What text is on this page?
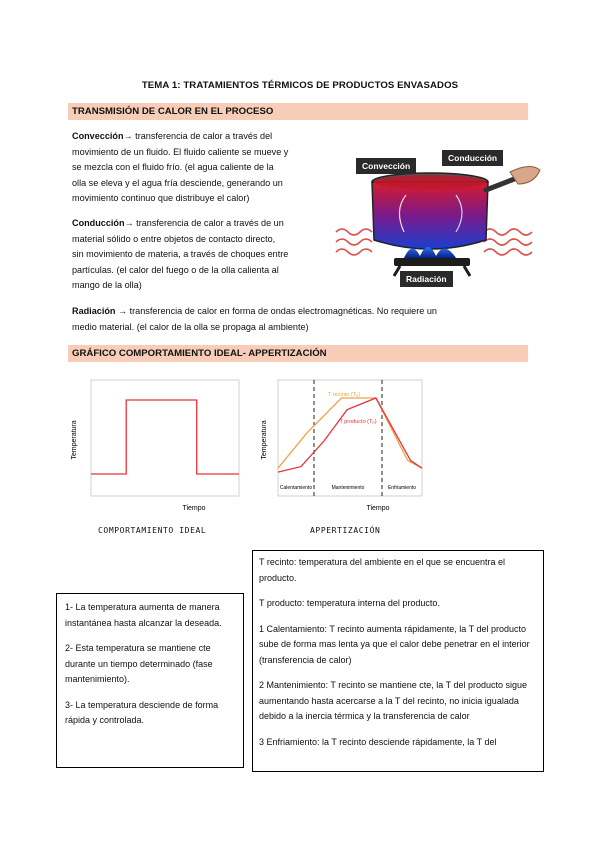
TEMA 1: TRATAMIENTOS TÉRMICOS DE PRODUCTOS ENVASADOS
TRANSMISIÓN DE CALOR EN EL PROCESO
Convección→ transferencia de calor a través del
movimiento de un fluido. El fluido caliente se mueve y
se mezcla con el fluido frío. (el agua caliente de la
olla se eleva y el agua fría desciende, generando un
movimiento continuo que distribuye el calor)
Conducción→ transferencia de calor a través de un
material sólido o entre objetos de contacto directo,
sin movimiento de materia, a través de choques entre
partículas. (el calor del fuego o de la olla calienta al
mango de la olla)
Radiación → transferencia de calor en forma de ondas electromagnéticas. No requiere un
medio material. (el calor de la olla se propaga al ambiente)
Convección
Conducción
Radiación
GRÁFICO COMPORTAMIENTO IDEAL- APPERTIZACIÓN
Temperatura
Tiempo
Temperatura
Tiempo
Calentamiento	Mantenimiento	Enfriamiento
T recinto (Tₑ)
T producto (Tₚ)
COMPORTAMIENTO IDEAL	APPERTIZACIÓN

1- La temperatura aumenta de manera instantánea hasta alcanzar la deseada.

2- Esta temperatura se mantiene cte durante un tiempo determinado (fase mantenimiento).

3- La temperatura desciende de forma rápida y controlada.

T recinto: temperatura del ambiente en el que se encuentra el producto.

T producto: temperatura interna del producto.

1 Calentamiento: T recinto aumenta rápidamente, la T del producto sube de forma mas lenta ya que el calor debe penetrar en el interior (transferencia de calor)

2 Mantenimiento: T recinto se mantiene cte, la T del producto sigue aumentando hasta acercarse a la T del recinto, no inicia igualada debido a la inercia térmica y la transferencia de calor

3 Enfriamiento: la T recinto desciende rápidamente, la T del
